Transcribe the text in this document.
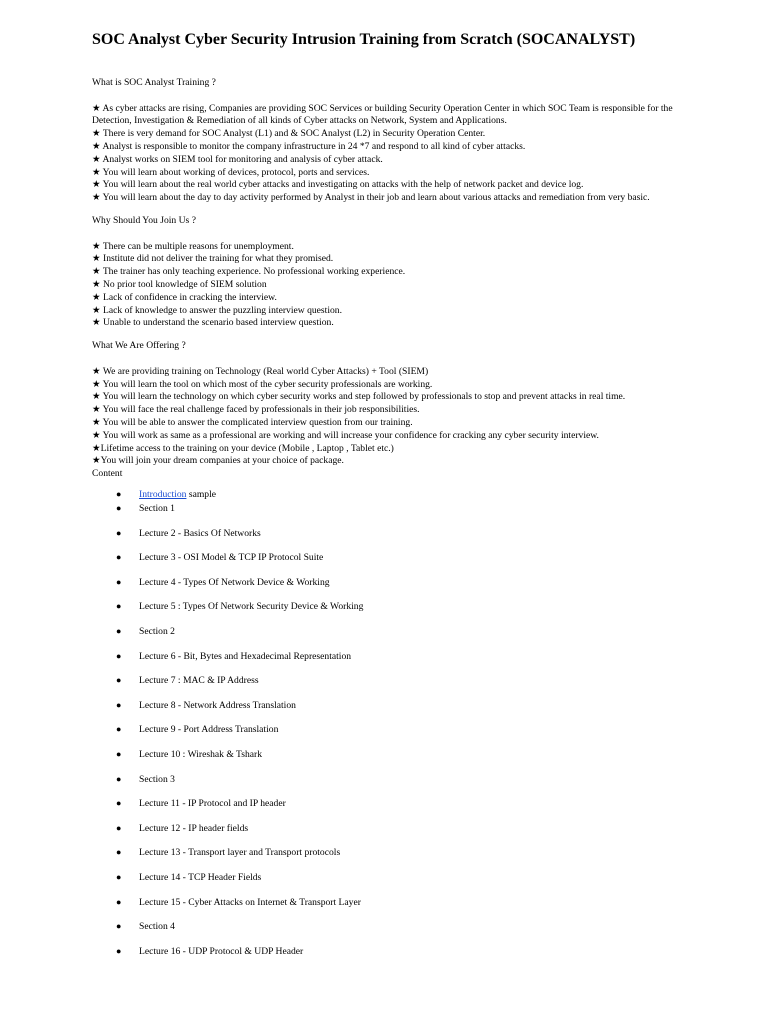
SOC Analyst Cyber Security Intrusion Training from Scratch (SOCANALYST)

What is SOC Analyst Training ?

★ As cyber attacks are rising, Companies are providing SOC Services or building Security Operation Center in which SOC Team is responsible for the Detection, Investigation & Remediation of all kinds of Cyber attacks on Network, System and Applications.

★ There is very demand for SOC Analyst (L1) and & SOC Analyst (L2) in Security Operation Center.

★ Analyst is responsible to monitor the company infrastructure in 24 *7 and respond to all kind of cyber attacks.

★ Analyst works on SIEM tool for monitoring and analysis of cyber attack.

★ You will learn about working of devices, protocol, ports and services.

★ You will learn about the real world cyber attacks and investigating on attacks with the help of network packet and device log.

★ You will learn about the day to day activity performed by Analyst in their job and learn about various attacks and remediation from very basic.

Why Should You Join Us ?

★ There can be multiple reasons for unemployment.

★ Institute did not deliver the training for what they promised.

★ The trainer has only teaching experience. No professional working experience.

★ No prior tool knowledge of SIEM solution

★ Lack of confidence in cracking the interview.

★ Lack of knowledge to answer the puzzling interview question.

★ Unable to understand the scenario based interview question.

What We Are Offering ?

★ We are providing training on Technology (Real world Cyber Attacks) + Tool (SIEM)

★ You will learn the tool on which most of the cyber security professionals are working.

★ You will learn the technology on which cyber security works and step followed by professionals to stop and prevent attacks in real time.

★ You will face the real challenge faced by professionals in their job responsibilities.

★ You will be able to answer the complicated interview question from our training.

★ You will work as same as a professional are working and will increase your confidence for cracking any cyber security interview.

★Lifetime access to the training on your device (Mobile , Laptop , Tablet etc.)

★You will join your dream companies at your choice of package.

Content

● Introduction sample
● Section 1
● Lecture 2 - Basics Of Networks
● Lecture 3 - OSI Model & TCP IP Protocol Suite
● Lecture 4 - Types Of Network Device & Working
● Lecture 5 : Types Of Network Security Device & Working
● Section 2
● Lecture 6 - Bit, Bytes and Hexadecimal Representation
● Lecture 7 : MAC & IP Address
● Lecture 8 - Network Address Translation
● Lecture 9 - Port Address Translation
● Lecture 10 : Wireshak & Tshark
● Section 3
● Lecture 11 - IP Protocol and IP header
● Lecture 12 - IP header fields
● Lecture 13 - Transport layer and Transport protocols
● Lecture 14 - TCP Header Fields
● Lecture 15 - Cyber Attacks on Internet & Transport Layer
● Section 4
● Lecture 16 - UDP Protocol & UDP Header
